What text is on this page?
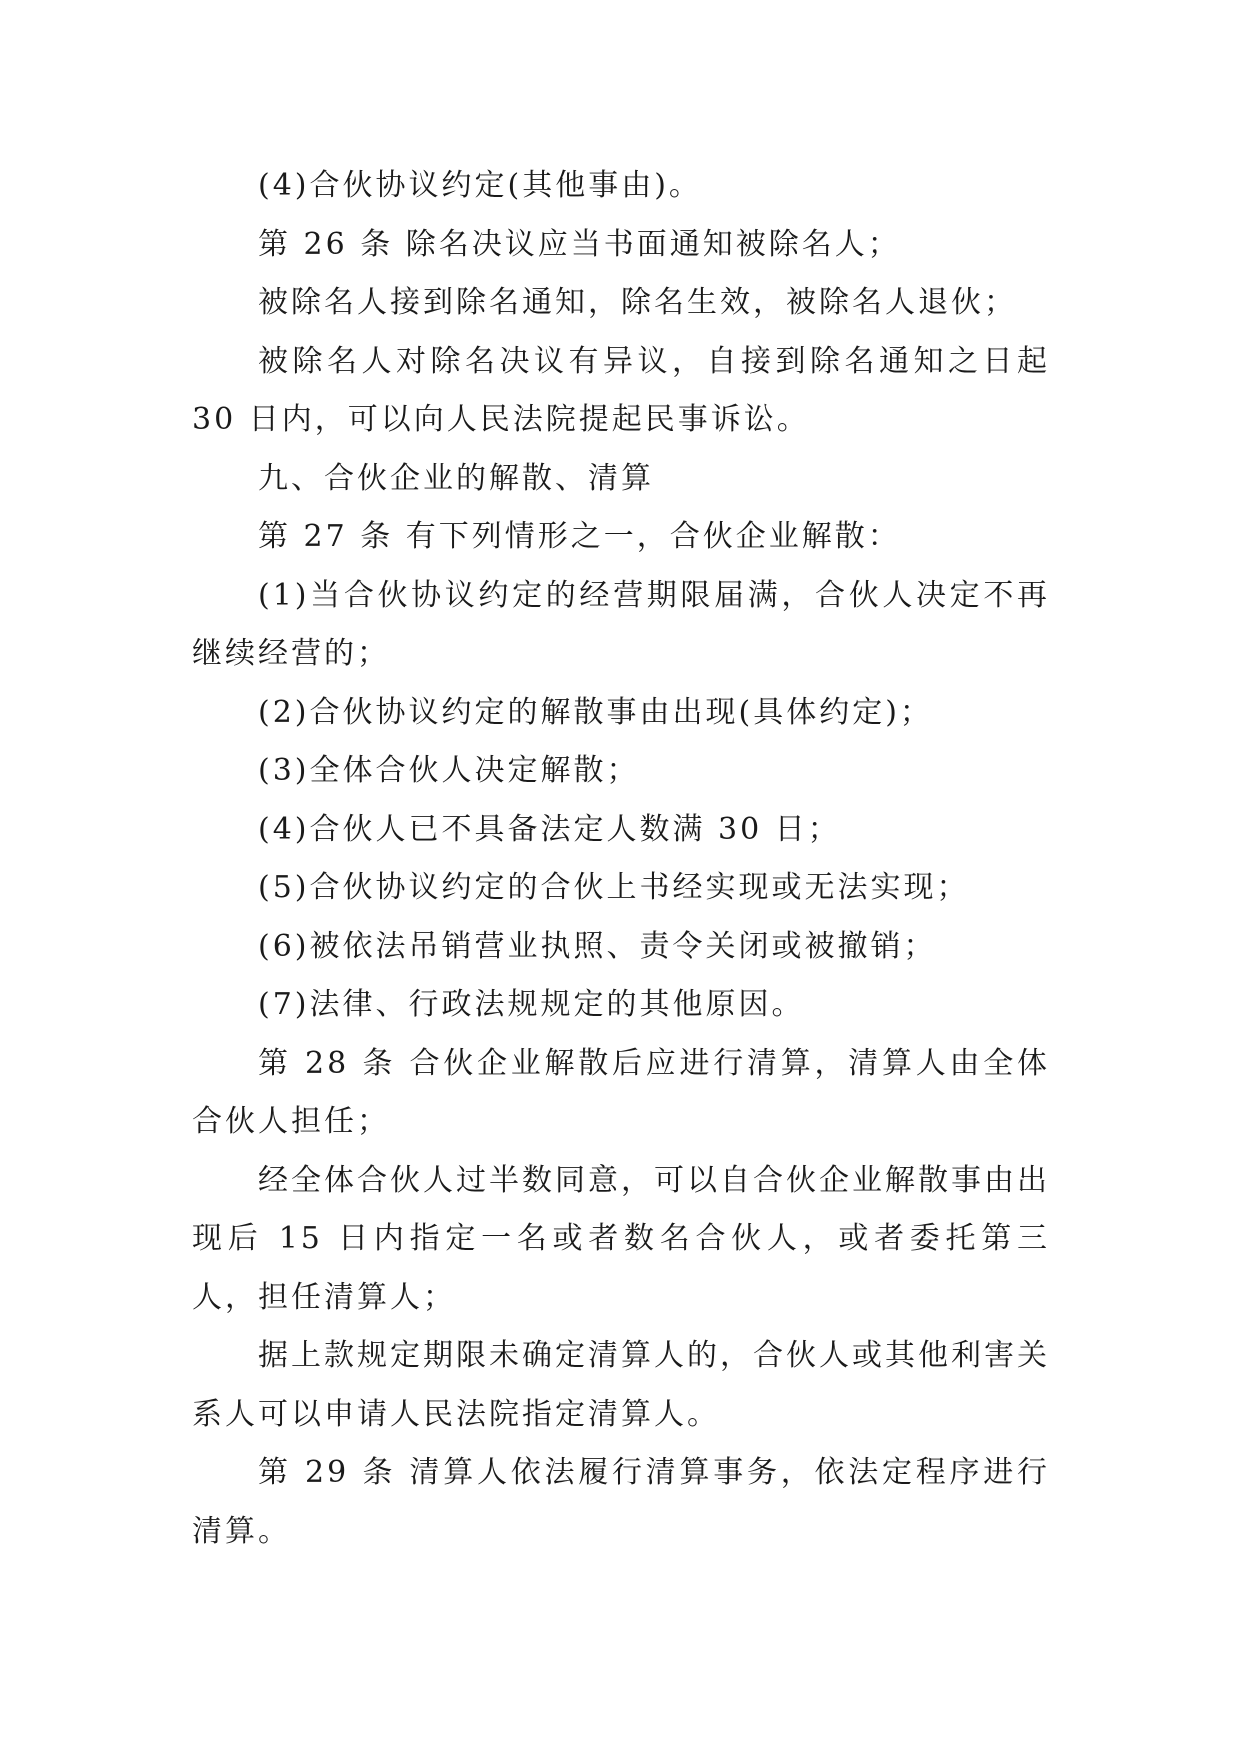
(4)合伙协议约定(其他事由)。

第 26 条 除名决议应当书面通知被除名人；

被除名人接到除名通知，除名生效，被除名人退伙；

被除名人对除名决议有异议，自接到除名通知之日起 30 日内，可以向人民法院提起民事诉讼。

九、合伙企业的解散、清算

第 27 条 有下列情形之一，合伙企业解散：

(1)当合伙协议约定的经营期限届满，合伙人决定不再继续经营的；

(2)合伙协议约定的解散事由出现(具体约定)；

(3)全体合伙人决定解散；

(4)合伙人已不具备法定人数满 30 日；

(5)合伙协议约定的合伙上书经实现或无法实现；

(6)被依法吊销营业执照、责令关闭或被撤销；

(7)法律、行政法规规定的其他原因。

第 28 条 合伙企业解散后应进行清算，清算人由全体合伙人担任；

经全体合伙人过半数同意，可以自合伙企业解散事由出现后 15 日内指定一名或者数名合伙人，或者委托第三人，担任清算人；

据上款规定期限未确定清算人的，合伙人或其他利害关系人可以申请人民法院指定清算人。

第 29 条 清算人依法履行清算事务，依法定程序进行清算。
